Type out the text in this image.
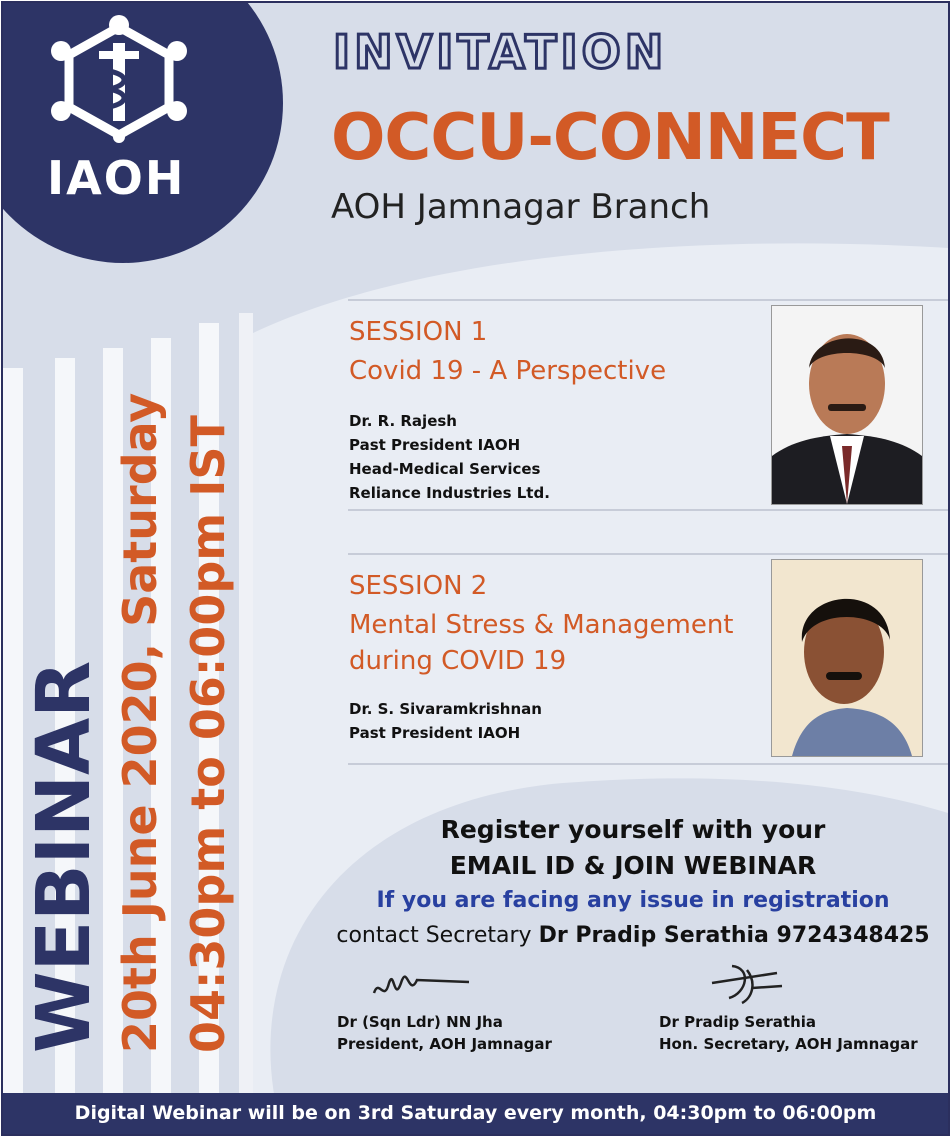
IAOH
INVITATION
OCCU-CONNECT
AOH Jamnagar Branch
WEBINAR 20th June 2020, Saturday 04:30pm to 06:00pm IST
SESSION 1
Covid 19 - A Perspective
Dr. R. Rajesh
Past President IAOH
Head-Medical Services
Reliance Industries Ltd.
SESSION 2
Mental Stress & Management
during COVID 19
Dr. S. Sivaramkrishnan
Past President IAOH
Register yourself with your
EMAIL ID & JOIN WEBINAR
If you are facing any issue in registration
contact Secretary Dr Pradip Serathia 9724348425
Dr (Sqn Ldr) NN Jha
President, AOH Jamnagar
Dr Pradip Serathia
Hon. Secretary, AOH Jamnagar
Digital Webinar will be on 3rd Saturday every month, 04:30pm to 06:00pm
